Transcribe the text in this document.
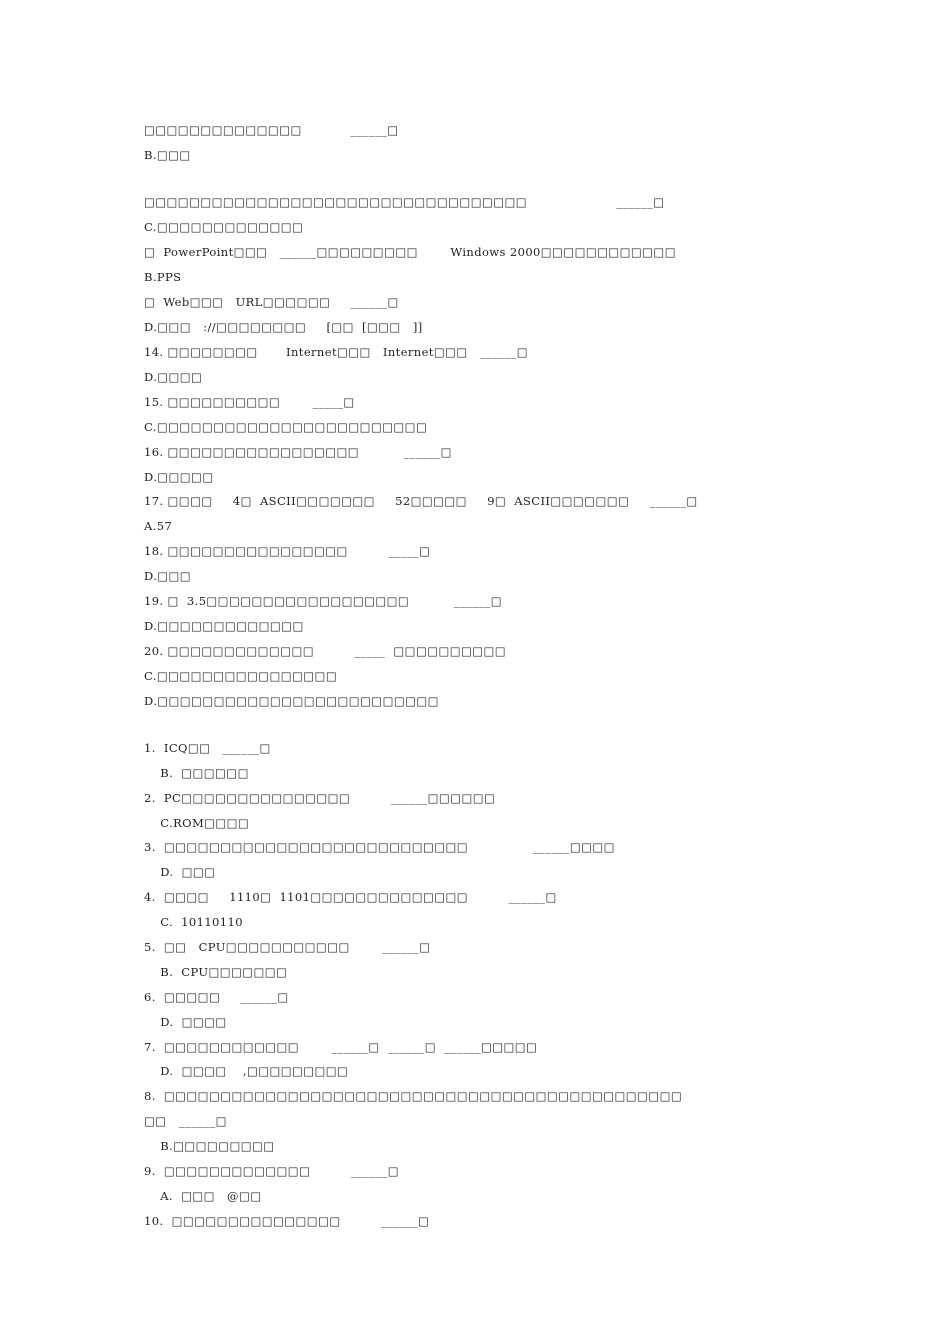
□□□□□□□□□□□□□□            ______□
B.□□□
□□□□□□□□□□□□□□□□□□□□□□□□□□□□□□□□□□                      ______□
C.□□□□□□□□□□□□□
□  PowerPoint□□□   ______□□□□□□□□□        Windows 2000□□□□□□□□□□□□
B.PPS
□  Web□□□   URL□□□□□□     ______□
D.□□□   ://□□□□□□□□     [□□  [□□□   ]]
14. □□□□□□□□       Internet□□□   Internet□□□   ______□
D.□□□□
15. □□□□□□□□□□        _____□
C.□□□□□□□□□□□□□□□□□□□□□□□□
16. □□□□□□□□□□□□□□□□□           ______□
D.□□□□□
17. □□□□     4□  ASCII□□□□□□□     52□□□□□     9□  ASCII□□□□□□□     ______□
A.57
18. □□□□□□□□□□□□□□□□          _____□
D.□□□
19. □  3.5□□□□□□□□□□□□□□□□□□           ______□
D.□□□□□□□□□□□□□
20. □□□□□□□□□□□□□          _____  □□□□□□□□□□
C.□□□□□□□□□□□□□□□□
D.□□□□□□□□□□□□□□□□□□□□□□□□□
1.  ICQ□□   ______□
B.  □□□□□□
2.  PC□□□□□□□□□□□□□□□          ______□□□□□□
C.ROM□□□□
3.  □□□□□□□□□□□□□□□□□□□□□□□□□□□                ______□□□□
D.  □□□
4.  □□□□     1110□  1101□□□□□□□□□□□□□□          ______□
C.  10110110
5.  □□   CPU□□□□□□□□□□□        ______□
B.  CPU□□□□□□□
6.  □□□□□     ______□
D.  □□□□
7.  □□□□□□□□□□□□        ______□  ______□  ______□□□□□
D.  □□□□    ,□□□□□□□□□
8.  □□□□□□□□□□□□□□□□□□□□□□□□□□□□□□□□□□□□□□□□□□□□□□
□□   ______□
B.□□□□□□□□□
9.  □□□□□□□□□□□□□          ______□
A.  □□□   @□□
10.  □□□□□□□□□□□□□□□          ______□
